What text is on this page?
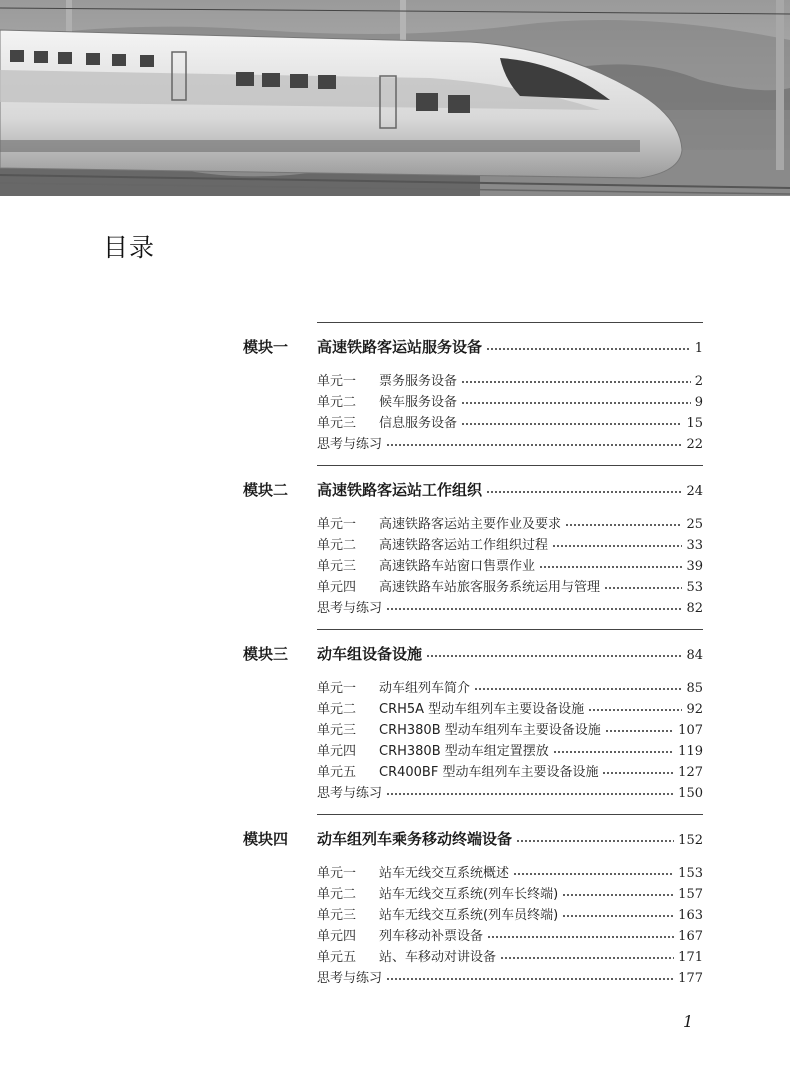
目录
模块一	高速铁路客运站服务设备	1
单元一	票务服务设备	2
单元二	候车服务设备	9
单元三	信息服务设备	15
思考与练习	22
模块二	高速铁路客运站工作组织	24
单元一	高速铁路客运站主要作业及要求	25
单元二	高速铁路客运站工作组织过程	33
单元三	高速铁路车站窗口售票作业	39
单元四	高速铁路车站旅客服务系统运用与管理	53
思考与练习	82
模块三	动车组设备设施	84
单元一	动车组列车简介	85
单元二	CRH5A 型动车组列车主要设备设施	92
单元三	CRH380B 型动车组列车主要设备设施	107
单元四	CRH380B 型动车组定置摆放	119
单元五	CR400BF 型动车组列车主要设备设施	127
思考与练习	150
模块四	动车组列车乘务移动终端设备	152
单元一	站车无线交互系统概述	153
单元二	站车无线交互系统(列车长终端)	157
单元三	站车无线交互系统(列车员终端)	163
单元四	列车移动补票设备	167
单元五	站、车移动对讲设备	171
思考与练习	177
1
